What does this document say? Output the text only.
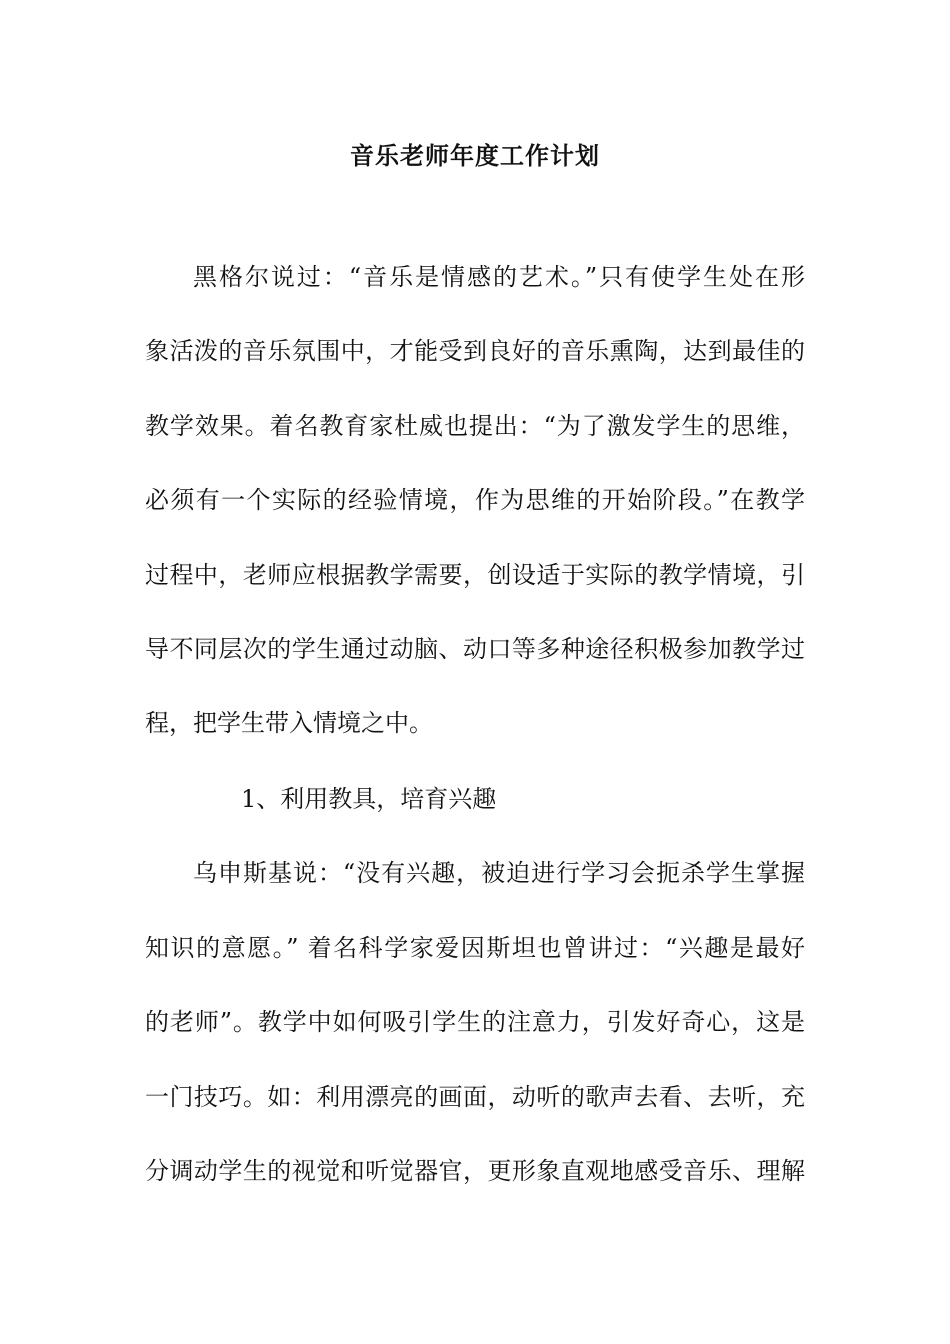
音乐老师年度工作计划

黑格尔说过：“音乐是情感的艺术。”只有使学生处在形

象活泼的音乐氛围中，才能受到良好的音乐熏陶，达到最佳的

教学效果。着名教育家杜威也提出：“为了激发学生的思维，

必须有一个实际的经验情境，作为思维的开始阶段。”在教学

过程中，老师应根据教学需要，创设适于实际的教学情境，引

导不同层次的学生通过动脑、动口等多种途径积极参加教学过

程，把学生带入情境之中。

1、利用教具，培育兴趣

乌申斯基说：“没有兴趣，被迫进行学习会扼杀学生掌握

知识的意愿。” 着名科学家爱因斯坦也曾讲过：“兴趣是最好

的老师”。教学中如何吸引学生的注意力，引发好奇心，这是

一门技巧。如：利用漂亮的画面，动听的歌声去看、去听，充

分调动学生的视觉和听觉器官，更形象直观地感受音乐、理解
